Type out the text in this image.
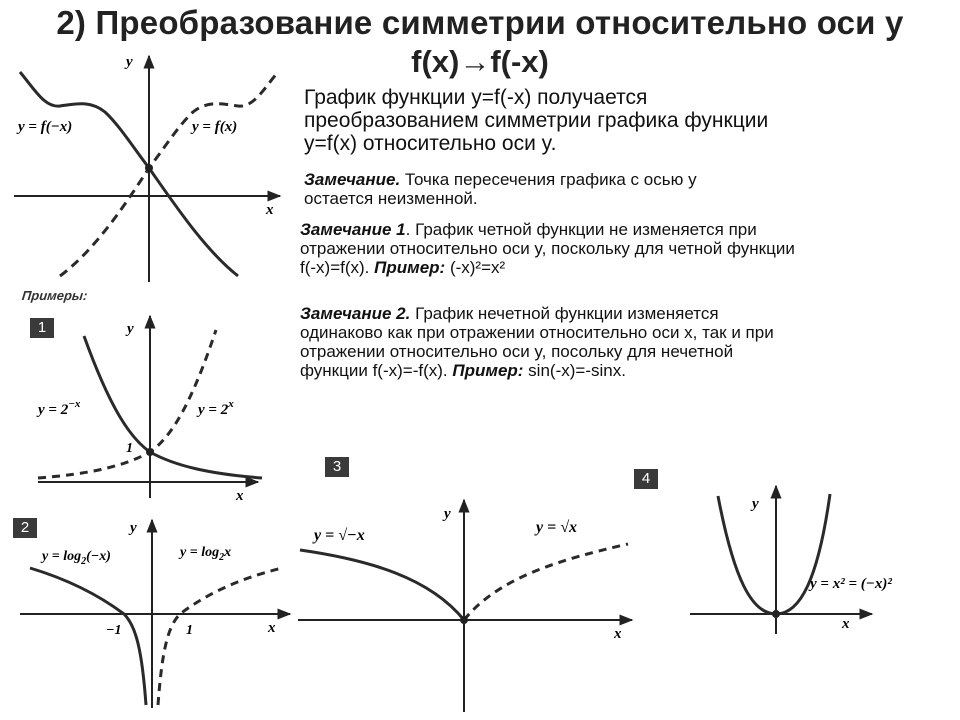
2) Преобразование симметрии относительно оси y
f(x)→f(-x)
График функции y=f(-x) получается
преобразованием симметрии графика функции
y=f(x) относительно оси y.
Замечание. Точка пересечения графика с осью y
остается неизменной.
Замечание 1. График четной функции не изменяется при
отражении относительно оси y, поскольку для четной функции
f(-x)=f(x). Пример: (-x)²=x²
Замечание 2. График нечетной функции изменяется
одинаково как при отражении относительно оси x, так и при
отражении относительно оси y, посольку для нечетной
функции f(-x)=-f(x). Пример: sin(-x)=-sinx.
Примеры:
1
2
3
4
y
x
y = f(−x)	y = f(x)
y
x
1
$y = 2^{-x}$	$y = 2^x$
y
x
−1	1
$y = \log_2(-x)$	$y = \log_2x$
y
x
y = √−x	y = √x
y
x
y = x² = (−x)²
